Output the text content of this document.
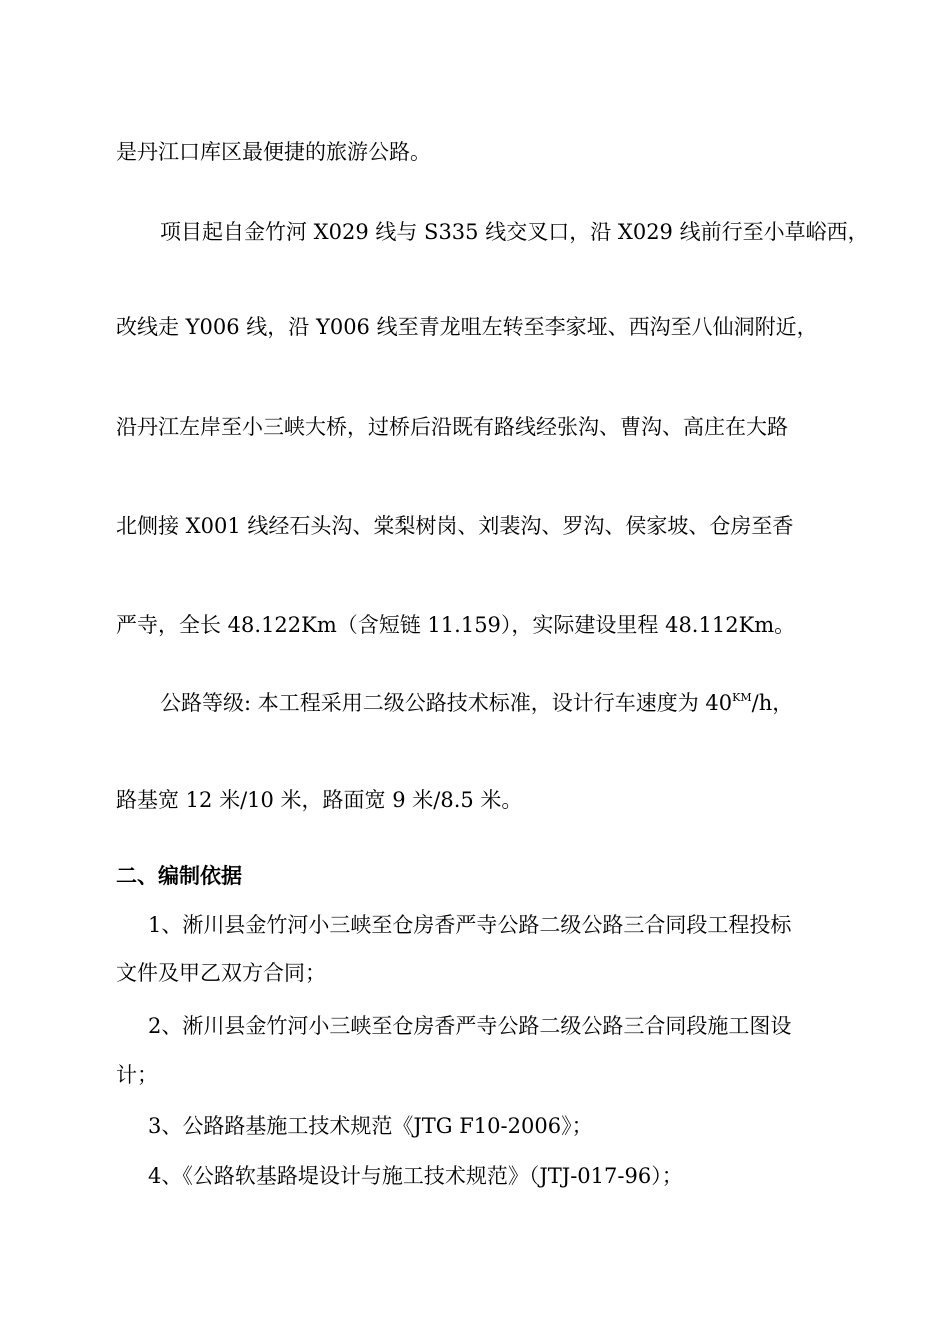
是丹江口库区最便捷的旅游公路。
项目起自金竹河 X029 线与 S335 线交叉口，沿 X029 线前行至小草峪西，
改线走 Y006 线，沿 Y006 线至青龙咀左转至李家垭、西沟至八仙洞附近，
沿丹江左岸至小三峡大桥，过桥后沿既有路线经张沟、曹沟、高庄在大路
北侧接 X001 线经石头沟、棠梨树岗、刘裴沟、罗沟、侯家坡、仓房至香
严寺，全长 48.122Km（含短链 11.159），实际建设里程 48.112Km。
公路等级: 本工程采用二级公路技术标准，设计行车速度为 $40^{KM}/h$，
路基宽 12 米/10 米，路面宽 9 米/8.5 米。
二、编制依据
1、淅川县金竹河小三峡至仓房香严寺公路二级公路三合同段工程投标
文件及甲乙双方合同；
2、淅川县金竹河小三峡至仓房香严寺公路二级公路三合同段施工图设
计；
3、公路路基施工技术规范《JTG F10-2006》；
4、《公路软基路堤设计与施工技术规范》（JTJ-017-96）；
